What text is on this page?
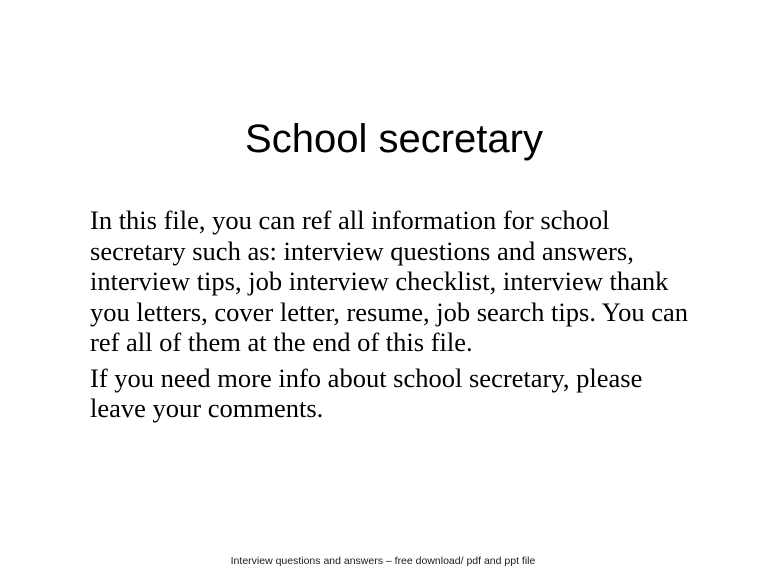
School secretary

In this file, you can ref all information for school secretary such as: interview questions and answers, interview tips, job interview checklist, interview thank you letters, cover letter, resume, job search tips. You can ref all of them at the end of this file.

If you need more info about school secretary, please leave your comments.

Interview questions and answers – free download/ pdf and ppt file
